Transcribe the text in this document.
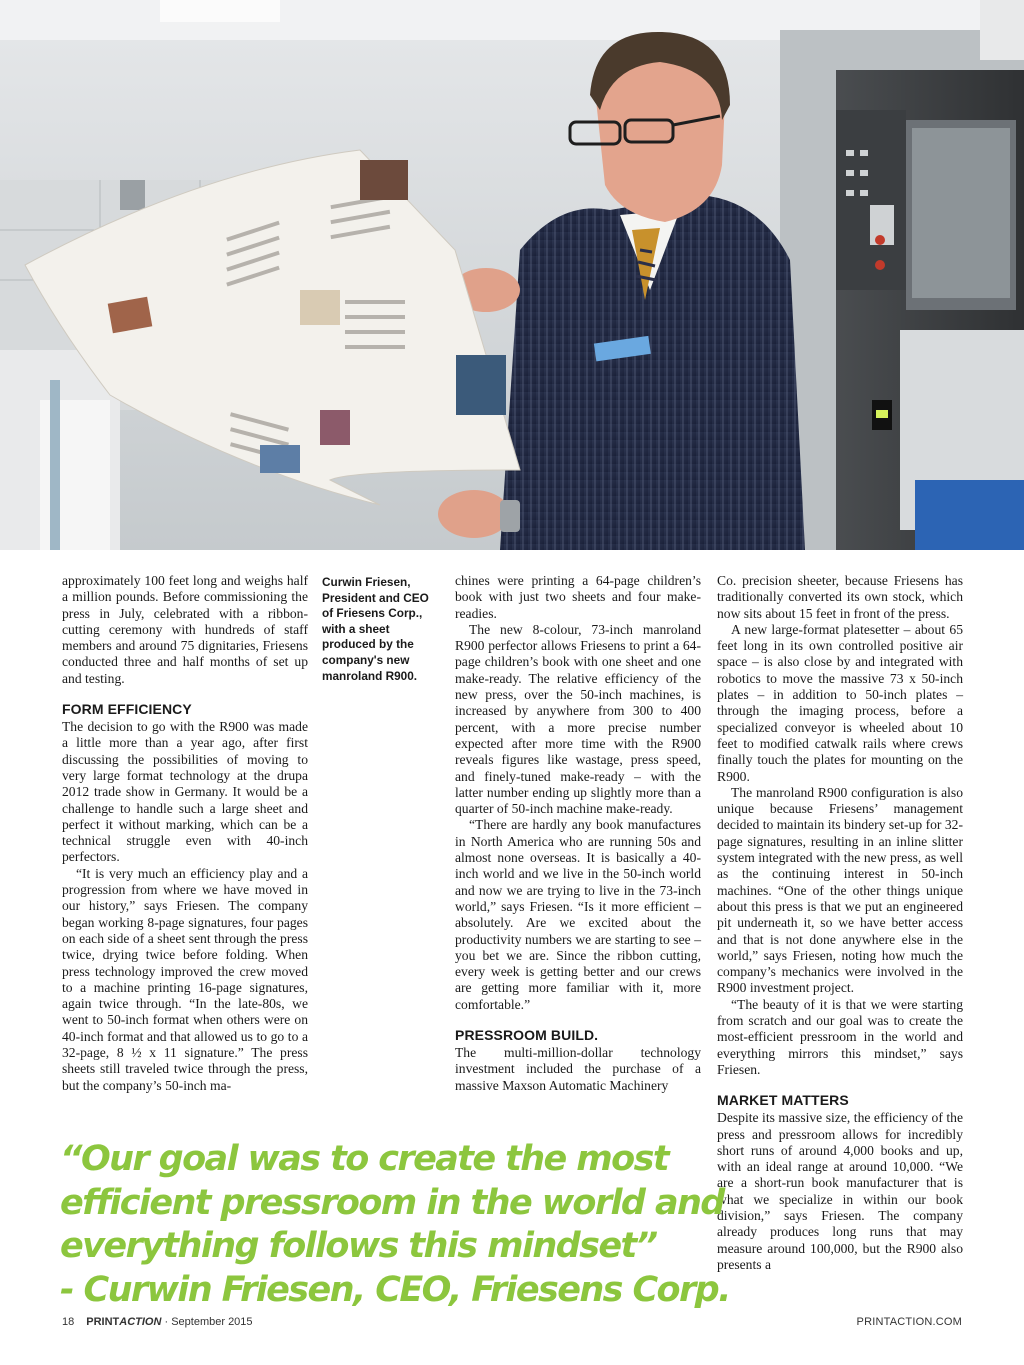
Curwin Friesen, President and CEO of Friesens Corp., with a sheet produced by the company's new manroland R900.

approximately 100 feet long and weighs half a million pounds. Before commissioning the press in July, celebrated with a ribbon-cutting ceremony with hundreds of staff members and around 75 dignitaries, Friesens conducted three and half months of set up and testing.

FORM EFFICIENCY

The decision to go with the R900 was made a little more than a year ago, after first discussing the possibilities of moving to very large format technology at the drupa 2012 trade show in Germany. It would be a challenge to handle such a large sheet and perfect it without marking, which can be a technical struggle even with 40-inch perfectors.

“It is very much an efficiency play and a progression from where we have moved in our history,” says Friesen. The company began working 8-page signatures, four pages on each side of a sheet sent through the press twice, drying twice before folding. When press technology improved the crew moved to a machine printing 16-page signatures, again twice through. “In the late-80s, we went to 50-inch format when others were on 40-inch format and that allowed us to go to a 32-page, 8 ½ x 11 signature.” The press sheets still traveled twice through the press, but the company’s 50-inch ma-

chines were printing a 64-page children’s book with just two sheets and four make-readies.

The new 8-colour, 73-inch manroland R900 perfector allows Friesens to print a 64-page children’s book with one sheet and one make-ready. The relative efficiency of the new press, over the 50-inch machines, is increased by anywhere from 300 to 400 percent, with a more precise number expected after more time with the R900 reveals figures like wastage, press speed, and finely-tuned make-ready – with the latter number ending up slightly more than a quarter of 50-inch machine make-ready.

“There are hardly any book manufactures in North America who are running 50s and almost none overseas. It is basically a 40-inch world and we live in the 50-inch world and now we are trying to live in the 73-inch world,” says Friesen. “Is it more efficient – absolutely. Are we excited about the productivity numbers we are starting to see – you bet we are. Since the ribbon cutting, every week is getting better and our crews are getting more familiar with it, more comfortable.”

PRESSROOM BUILD.

The multi-million-dollar technology investment included the purchase of a massive Maxson Automatic Machinery

Co. precision sheeter, because Friesens has traditionally converted its own stock, which now sits about 15 feet in front of the press.

A new large-format platesetter – about 65 feet long in its own controlled positive air space – is also close by and integrated with robotics to move the massive 73 x 50-inch plates – in addition to 50-inch plates – through the imaging process, before a specialized conveyor is wheeled about 10 feet to modified catwalk rails where crews finally touch the plates for mounting on the R900.

The manroland R900 configuration is also unique because Friesens’ management decided to maintain its bindery set-up for 32-page signatures, resulting in an inline slitter system integrated with the new press, as well as the continuing interest in 50-inch machines. “One of the other things unique about this press is that we put an engineered pit underneath it, so we have better access and that is not done anywhere else in the world,” says Friesen, noting how much the company’s mechanics were involved in the R900 investment project.

“The beauty of it is that we were starting from scratch and our goal was to create the most-efficient pressroom in the world and everything mirrors this mindset,” says Friesen.

MARKET MATTERS

Despite its massive size, the efficiency of the press and pressroom allows for incredibly short runs of around 4,000 books and up, with an ideal range at around 10,000. “We are a short-run book manufacturer that is what we specialize in within our book division,” says Friesen. The company already produces long runs that may measure around 100,000, but the R900 also presents a

“Our goal was to create the most
efficient pressroom in the world and
everything follows this mindset”
- Curwin Friesen, CEO, Friesens Corp.
18 PRINTACTION · September 2015	PRINTACTION.COM
